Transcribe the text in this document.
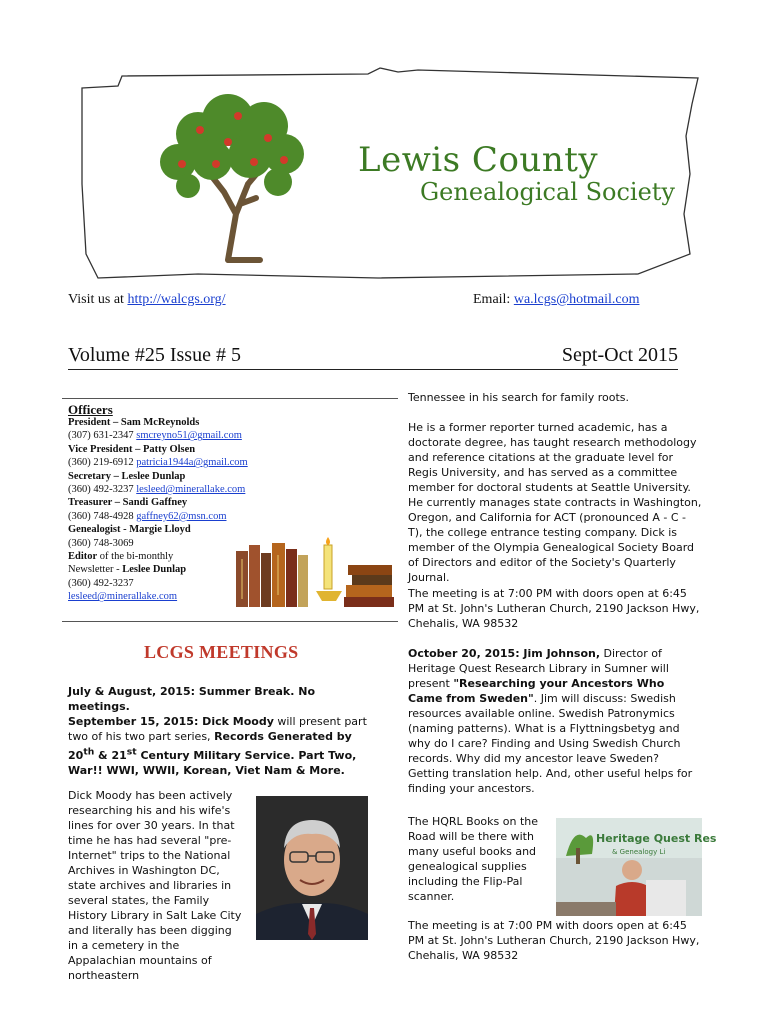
Lewis County
Genealogical Society
Visit us at http://walcgs.org/	Email: wa.lcgs@hotmail.com
Volume #25 Issue # 5	Sept-Oct 2015
Officers
President – Sam McReynolds
(307) 631-2347 smcreyno51@gmail.com
Vice President – Patty Olsen
(360) 219-6912 patricia1944a@gmail.com
Secretary – Leslee Dunlap
(360) 492-3237 lesleed@minerallake.com
Treasurer – Sandi Gaffney
(360) 748-4928 gaffney62@msn.com
Genealogist - Margie Lloyd
(360) 748-3069
Editor of the bi-monthly
Newsletter - Leslee Dunlap
(360) 492-3237
lesleed@minerallake.com
LCGS MEETINGS
July & August, 2015: Summer Break. No meetings.
September 15, 2015: Dick Moody will present part two of his two part series, Records Generated by 20th & 21st Century Military Service. Part Two, War!! WWI, WWII, Korean, Viet Nam & More.
Dick Moody has been actively researching his and his wife's lines for over 30 years. In that time he has had several "pre-Internet" trips to the National Archives in Washington DC, state archives and libraries in several states, the Family History Library in Salt Lake City and literally has been digging in a cemetery in the Appalachian mountains of northeastern
Tennessee in his search for family roots.
He is a former reporter turned academic, has a doctorate degree, has taught research methodology and reference citations at the graduate level for Regis University, and has served as a committee member for doctoral students at Seattle University. He currently manages state contracts in Washington, Oregon, and California for ACT (pronounced A - C - T), the college entrance testing company. Dick is member of the Olympia Genealogical Society Board of Directors and editor of the Society's Quarterly Journal.
The meeting is at 7:00 PM with doors open at 6:45 PM at St. John's Lutheran Church, 2190 Jackson Hwy, Chehalis, WA 98532
October 20, 2015: Jim Johnson, Director of Heritage Quest Research Library in Sumner will present "Researching your Ancestors Who Came from Sweden". Jim will discuss: Swedish resources available online. Swedish Patronymics (naming patterns). What is a Flyttningsbetyg and why do I care? Finding and Using Swedish Church records. Why did my ancestor leave Sweden? Getting translation help. And, other useful helps for finding your ancestors.
The HQRL Books on the Road will be there with many useful books and genealogical supplies including the Flip-Pal scanner.
Heritage Quest Res
& Genealogy Li
The meeting is at 7:00 PM with doors open at 6:45 PM at St. John's Lutheran Church, 2190 Jackson Hwy, Chehalis, WA 98532
